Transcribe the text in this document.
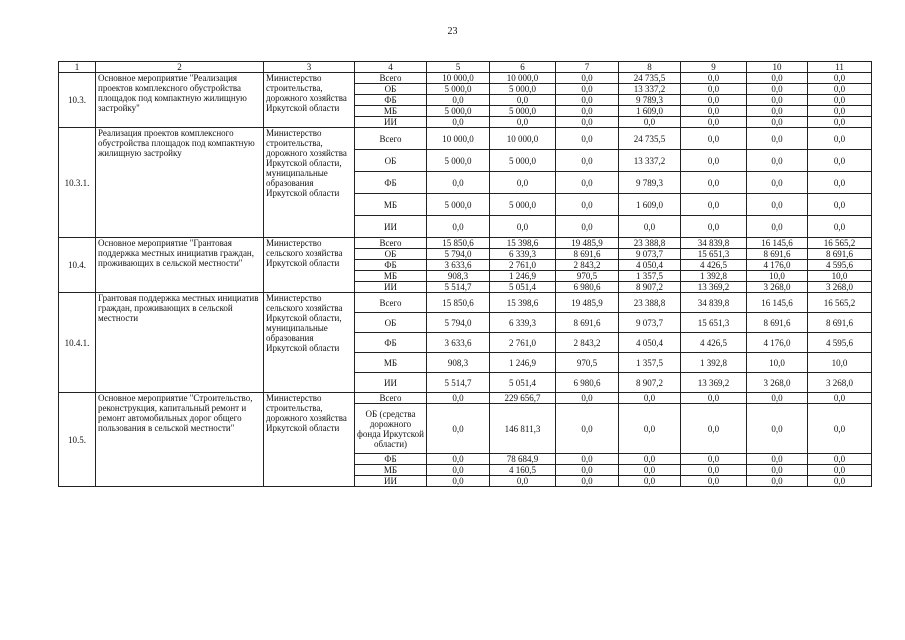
23
1	2	3	4	5	6	7	8	9	10	11
10.3.	Основное мероприятие "Реализация проектов комплексного обустройства площадок под компактную жилищную застройку"	Министерство строительства, дорожного хозяйства Иркутской области	Всего	10 000,0	10 000,0	0,0	24 735,5	0,0	0,0	0,0
			ОБ	5 000,0	5 000,0	0,0	13 337,2	0,0	0,0	0,0
			ФБ	0,0	0,0	0,0	9 789,3	0,0	0,0	0,0
			МБ	5 000,0	5 000,0	0,0	1 609,0	0,0	0,0	0,0
			ИИ	0,0	0,0	0,0	0,0	0,0	0,0	0,0
10.3.1.	Реализация проектов комплексного обустройства площадок под компактную жилищную застройку	Министерство строительства, дорожного хозяйства Иркутской области, муниципальные образования Иркутской области	Всего	10 000,0	10 000,0	0,0	24 735,5	0,0	0,0	0,0
			ОБ	5 000,0	5 000,0	0,0	13 337,2	0,0	0,0	0,0
			ФБ	0,0	0,0	0,0	9 789,3	0,0	0,0	0,0
			МБ	5 000,0	5 000,0	0,0	1 609,0	0,0	0,0	0,0
			ИИ	0,0	0,0	0,0	0,0	0,0	0,0	0,0
10.4.	Основное мероприятие "Грантовая поддержка местных инициатив граждан, проживающих в сельской местности"	Министерство сельского хозяйства Иркутской области	Всего	15 850,6	15 398,6	19 485,9	23 388,8	34 839,8	16 145,6	16 565,2
			ОБ	5 794,0	6 339,3	8 691,6	9 073,7	15 651,3	8 691,6	8 691,6
			ФБ	3 633,6	2 761,0	2 843,2	4 050,4	4 426,5	4 176,0	4 595,6
			МБ	908,3	1 246,9	970,5	1 357,5	1 392,8	10,0	10,0
			ИИ	5 514,7	5 051,4	6 980,6	8 907,2	13 369,2	3 268,0	3 268,0
10.4.1.	Грантовая поддержка местных инициатив граждан, проживающих в сельской местности	Министерство сельского хозяйства Иркутской области, муниципальные образования Иркутской области	Всего	15 850,6	15 398,6	19 485,9	23 388,8	34 839,8	16 145,6	16 565,2
			ОБ	5 794,0	6 339,3	8 691,6	9 073,7	15 651,3	8 691,6	8 691,6
			ФБ	3 633,6	2 761,0	2 843,2	4 050,4	4 426,5	4 176,0	4 595,6
			МБ	908,3	1 246,9	970,5	1 357,5	1 392,8	10,0	10,0
			ИИ	5 514,7	5 051,4	6 980,6	8 907,2	13 369,2	3 268,0	3 268,0
10.5.	Основное мероприятие "Строительство, реконструкция, капитальный ремонт и ремонт автомобильных дорог общего пользования в сельской местности"	Министерство строительства, дорожного хозяйства Иркутской области	Всего	0,0	229 656,7	0,0	0,0	0,0	0,0	0,0
			ОБ (средства дорожного фонда Иркутской области)	0,0	146 811,3	0,0	0,0	0,0	0,0	0,0
			ФБ	0,0	78 684,9	0,0	0,0	0,0	0,0	0,0
			МБ	0,0	4 160,5	0,0	0,0	0,0	0,0	0,0
			ИИ	0,0	0,0	0,0	0,0	0,0	0,0	0,0
